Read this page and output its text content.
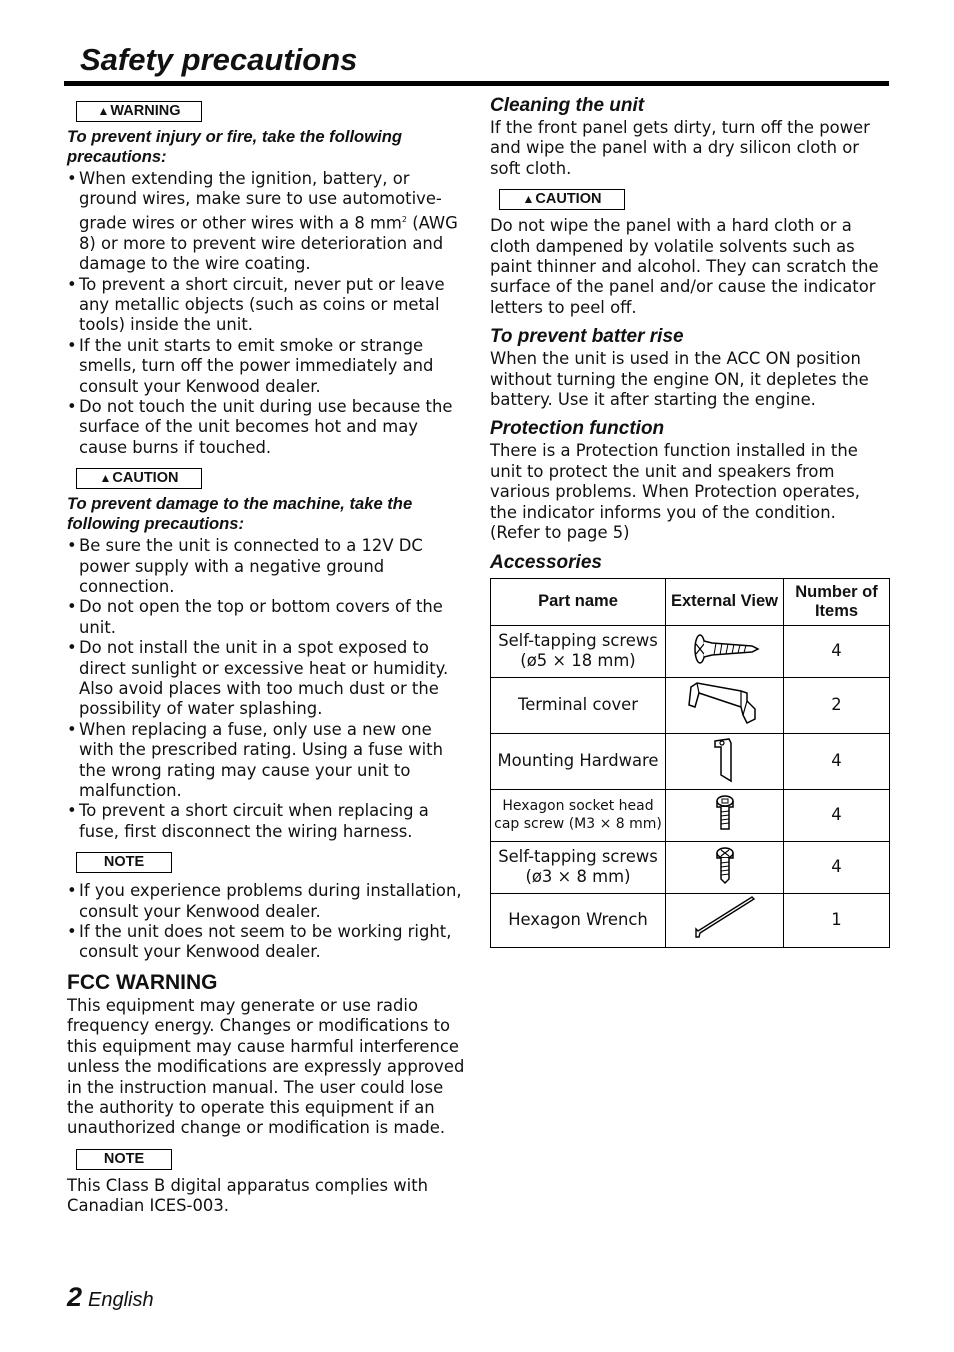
Safety precautions
▲WARNING
To prevent injury or fire, take the following precautions:
• When extending the ignition, battery, or ground wires, make sure to use automotive-grade wires or other wires with a 8 $mm^2$ (AWG 8) or more to prevent wire deterioration and damage to the wire coating.
• To prevent a short circuit, never put or leave any metallic objects (such as coins or metal tools) inside the unit.
• If the unit starts to emit smoke or strange smells, turn off the power immediately and consult your Kenwood dealer.
• Do not touch the unit during use because the surface of the unit becomes hot and may cause burns if touched.
▲CAUTION
To prevent damage to the machine, take the following precautions:
• Be sure the unit is connected to a 12V DC power supply with a negative ground connection.
• Do not open the top or bottom covers of the unit.
• Do not install the unit in a spot exposed to direct sunlight or excessive heat or humidity. Also avoid places with too much dust or the possibility of water splashing.
• When replacing a fuse, only use a new one with the prescribed rating. Using a fuse with the wrong rating may cause your unit to malfunction.
• To prevent a short circuit when replacing a fuse, first disconnect the wiring harness.
NOTE
• If you experience problems during installation, consult your Kenwood dealer.
• If the unit does not seem to be working right, consult your Kenwood dealer.
FCC WARNING

This equipment may generate or use radio frequency energy. Changes or modifications to this equipment may cause harmful interference unless the modifications are expressly approved in the instruction manual. The user could lose the authority to operate this equipment if an unauthorized change or modification is made.

NOTE

This Class B digital apparatus complies with Canadian ICES-003.

Cleaning the unit

If the front panel gets dirty, turn off the power and wipe the panel with a dry silicon cloth or soft cloth.

▲CAUTION

Do not wipe the panel with a hard cloth or a cloth dampened by volatile solvents such as paint thinner and alcohol. They can scratch the surface of the panel and/or cause the indicator letters to peel off.

To prevent batter rise

When the unit is used in the ACC ON position without turning the engine ON, it depletes the battery. Use it after starting the engine.

Protection function

There is a Protection function installed in the unit to protect the unit and speakers from various problems. When Protection operates, the indicator informs you of the condition. (Refer to page 5)

Accessories
Part name	External View	Number of Items
Self-tapping screws (ø5 × 18 mm)		4
Terminal cover		2
Mounting Hardware		4
Hexagon socket head cap screw (M3 × 8 mm)		4
Self-tapping screws (ø3 × 8 mm)		4
Hexagon Wrench		1
2 English
